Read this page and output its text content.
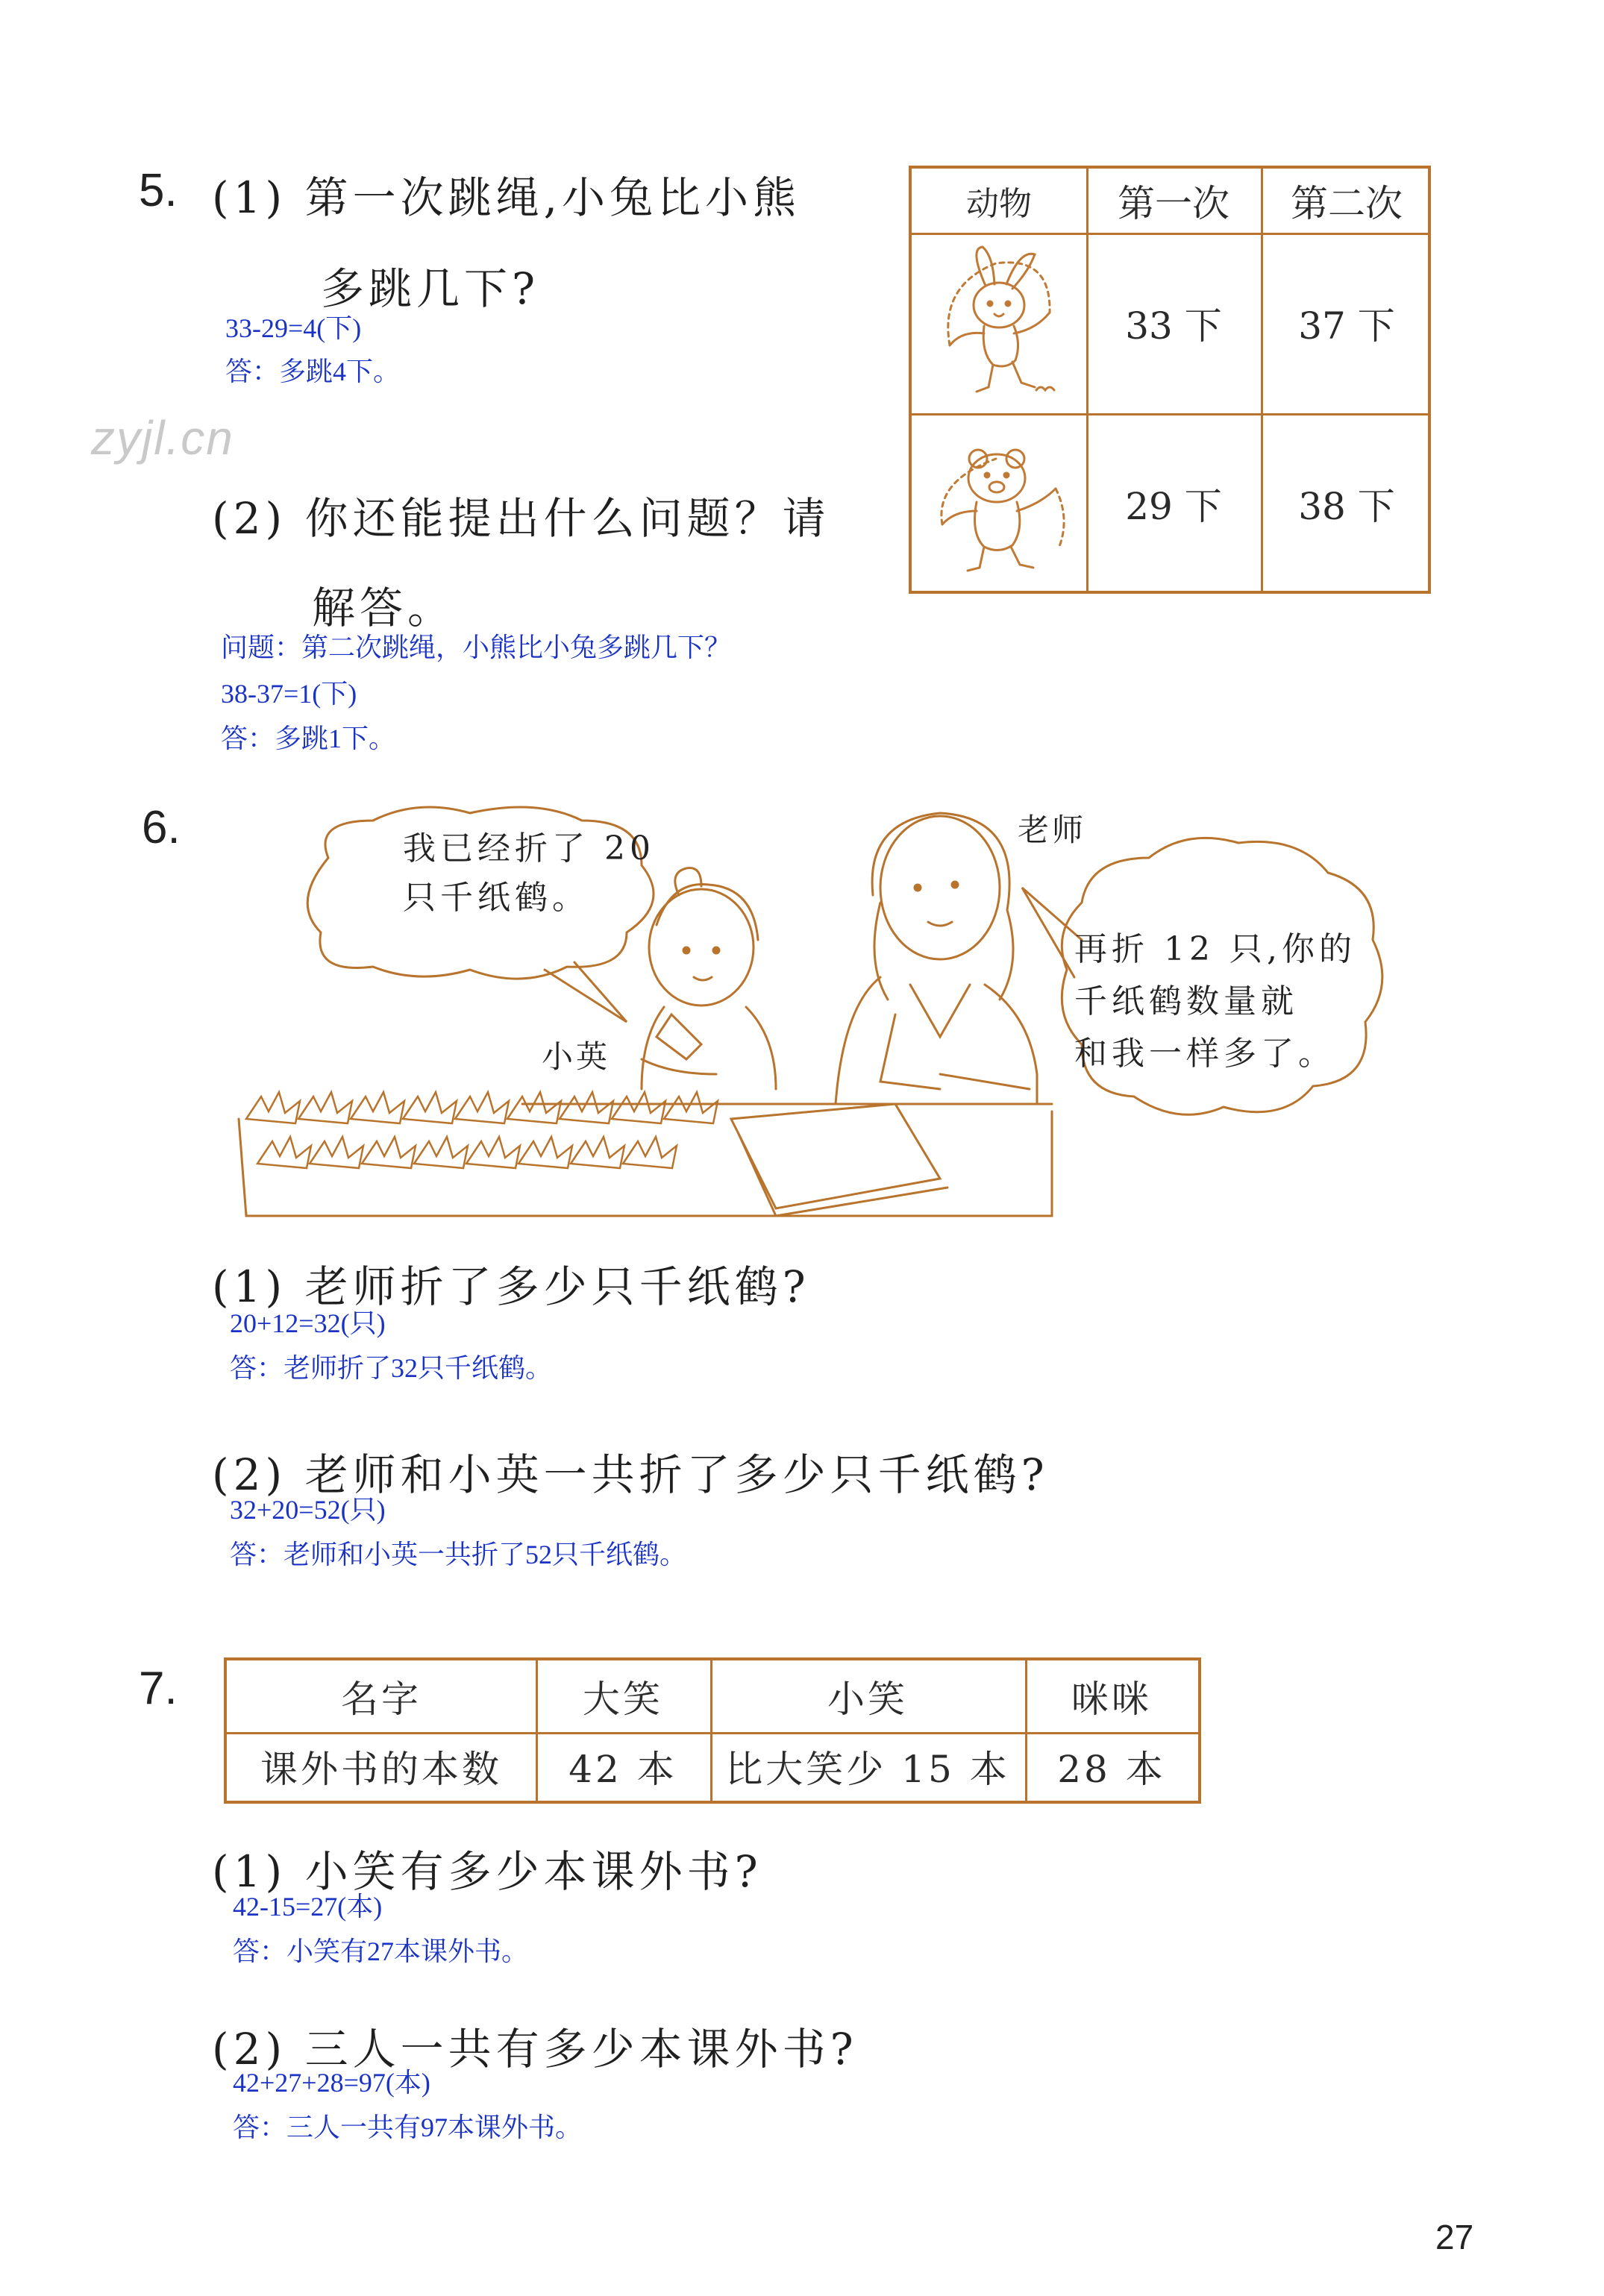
5. (1) 第一次跳绳,小兔比小熊
多跳几下?
33-29=4(下)
答：多跳4下。
zyjl.cn
(2) 你还能提出什么问题？请
解答。
问题：第二次跳绳，小熊比小兔多跳几下？
38-37=1(下)
答：多跳1下。
动物	第一次	第二次
33 下	37 下
29 下	38 下
6.	我已经折了 20
只千纸鹤。
老师
再折 12 只,你的
千纸鹤数量就
和我一样多了。
小英
(1) 老师折了多少只千纸鹤?
20+12=32(只)
答：老师折了32只千纸鹤。
(2) 老师和小英一共折了多少只千纸鹤?
32+20=52(只)
答：老师和小英一共折了52只千纸鹤。
7.	名字	大笑	小笑	咪咪
课外书的本数	42 本	比大笑少 15 本	28 本
(1) 小笑有多少本课外书?
42-15=27(本)
答：小笑有27本课外书。
(2) 三人一共有多少本课外书?
42+27+28=97(本)
答：三人一共有97本课外书。
27
